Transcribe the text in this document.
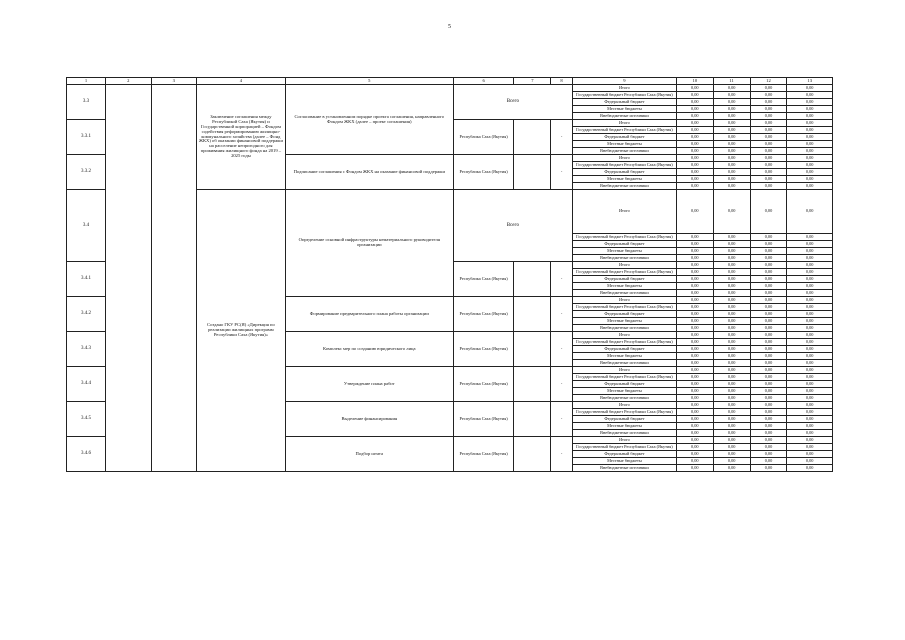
5
1	2	3	4	5	6	7	8	9	10	11	12	13
3.3			Заключение соглашения между Республикой Саха (Якутия) и Государственной корпорацией – Фондом содействия реформированию жилищно-коммунального хозяйства (далее – Фонд ЖКХ) об оказании финансовой поддержки на расселение непригодного для проживания жилищного фонда на 2019 – 2025 годы	Согласование в установленном порядке проекта соглашения, направленного Фондом ЖКХ (далее – проект соглашения)	Всего			Итого	0,00	0,00	0,00	0,00
								Государственный бюджет Республики Саха (Якутия)	0,00	0,00	0,00	0,00
								Федеральный бюджет	0,00	0,00	0,00	0,00
								Местные бюджеты	0,00	0,00	0,00	0,00
								Внебюджетные источники	0,00	0,00	0,00	0,00
3.3.1					Республика Саха (Якутия)		-	Итого	0,00	0,00	0,00	0,00
								Государственный бюджет Республики Саха (Якутия)	0,00	0,00	0,00	0,00
								Федеральный бюджет	0,00	0,00	0,00	0,00
								Местные бюджеты	0,00	0,00	0,00	0,00
								Внебюджетные источники	0,00	0,00	0,00	0,00
3.3.2				Подписание соглашения с Фондом ЖКХ на оказание финансовой поддержки	Республика Саха (Якутия)		-	Итого	0,00	0,00	0,00	0,00
								Государственный бюджет Республики Саха (Якутия)	0,00	0,00	0,00	0,00
								Федеральный бюджет	0,00	0,00	0,00	0,00
								Местные бюджеты	0,00	0,00	0,00	0,00
								Внебюджетные источники	0,00	0,00	0,00	0,00
3.4			Создано ГКУ РС(Я) «Дирекция по реализации жилищных программ Республики Саха (Якутия)»	Определение основной инфраструктуры нематериального руководителя организации	Всего			Итого	0,00	0,00	0,00	0,00
								Государственный бюджет Республики Саха (Якутия)	0,00	0,00	0,00	0,00
								Федеральный бюджет	0,00	0,00	0,00	0,00
								Местные бюджеты	0,00	0,00	0,00	0,00
								Внебюджетные источники	0,00	0,00	0,00	0,00
3.4.1					Республика Саха (Якутия)		-	Итого	0,00	0,00	0,00	0,00
								Государственный бюджет Республики Саха (Якутия)	0,00	0,00	0,00	0,00
								Федеральный бюджет	0,00	0,00	0,00	0,00
								Местные бюджеты	0,00	0,00	0,00	0,00
								Внебюджетные источники	0,00	0,00	0,00	0,00
3.4.2				Формирование предварительного плана работы организации	Республика Саха (Якутия)		-	Итого	0,00	0,00	0,00	0,00
								Государственный бюджет Республики Саха (Якутия)	0,00	0,00	0,00	0,00
								Федеральный бюджет	0,00	0,00	0,00	0,00
								Местные бюджеты	0,00	0,00	0,00	0,00
								Внебюджетные источники	0,00	0,00	0,00	0,00
3.4.3				Комплекс мер по созданию юридического лица	Республика Саха (Якутия)		-	Итого	0,00	0,00	0,00	0,00
								Государственный бюджет Республики Саха (Якутия)	0,00	0,00	0,00	0,00
								Федеральный бюджет	0,00	0,00	0,00	0,00
								Местные бюджеты	0,00	0,00	0,00	0,00
								Внебюджетные источники	0,00	0,00	0,00	0,00
3.4.4				Утверждение плана работ	Республика Саха (Якутия)		-	Итого	0,00	0,00	0,00	0,00
								Государственный бюджет Республики Саха (Якутия)	0,00	0,00	0,00	0,00
								Федеральный бюджет	0,00	0,00	0,00	0,00
								Местные бюджеты	0,00	0,00	0,00	0,00
								Внебюджетные источники	0,00	0,00	0,00	0,00
3.4.5				Выделение финансирования	Республика Саха (Якутия)		-	Итого	0,00	0,00	0,00	0,00
								Государственный бюджет Республики Саха (Якутия)	0,00	0,00	0,00	0,00
								Федеральный бюджет	0,00	0,00	0,00	0,00
								Местные бюджеты	0,00	0,00	0,00	0,00
								Внебюджетные источники	0,00	0,00	0,00	0,00
3.4.6				Подбор штата	Республика Саха (Якутия)		-	Итого	0,00	0,00	0,00	0,00
								Государственный бюджет Республики Саха (Якутия)	0,00	0,00	0,00	0,00
								Федеральный бюджет	0,00	0,00	0,00	0,00
								Местные бюджеты	0,00	0,00	0,00	0,00
								Внебюджетные источники	0,00	0,00	0,00	0,00
